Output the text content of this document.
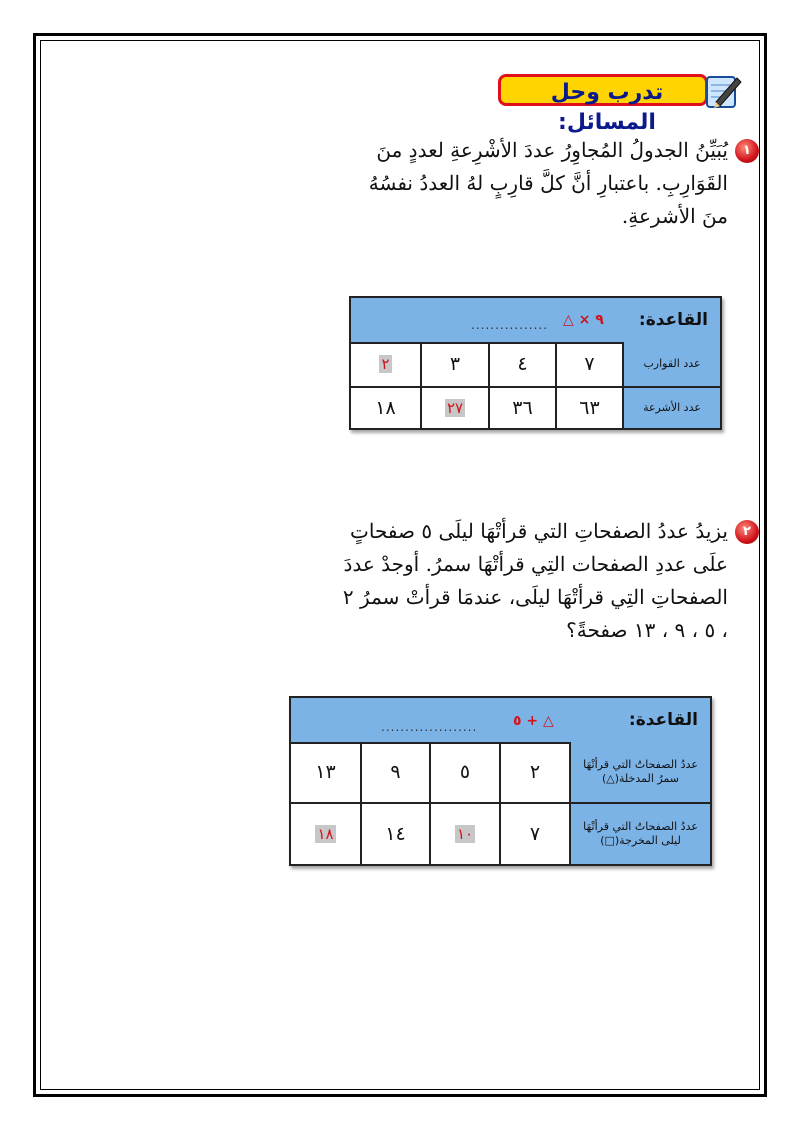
تدرب وحل المسائل:
١
يُبَيِّنُ الجدولُ المُجاوِرُ عددَ الأشْرِعةِ لعددٍ منَ القَوَارِبِ. باعتبارِ أنَّ كلَّ قارِبٍ لهُ العددُ نفسُهُ منَ الأشرعةِ.
القاعدة:
................ ٩ × △
٢	٣	٤	٧	عدد القوارب
١٨	٢٧	٣٦	٦٣	عدد الأشرعة
٢
يزيدُ عددُ الصفحاتِ التي قرأتْهَا ليلَى ٥ صفحاتٍ علَى عددِ الصفحات التِي قرأتْهَا سمرُ. أوجدْ عددَ الصفحاتِ التِي قرأتْهَا ليلَى، عندمَا قرأتْ سمرُ ٢ ، ٥ ، ٩ ، ١٣ صفحةً؟
القاعدة:
....................	△ + ٥
١٣	٩	٥	٢	عددُ الصفحاتُ التي قرأتْهَا سمرُ المدخلة(△)
١٨	١٤	١٠	٧	عددُ الصفحاتُ التي قرأتْهَا ليلى المخرجة(□)
